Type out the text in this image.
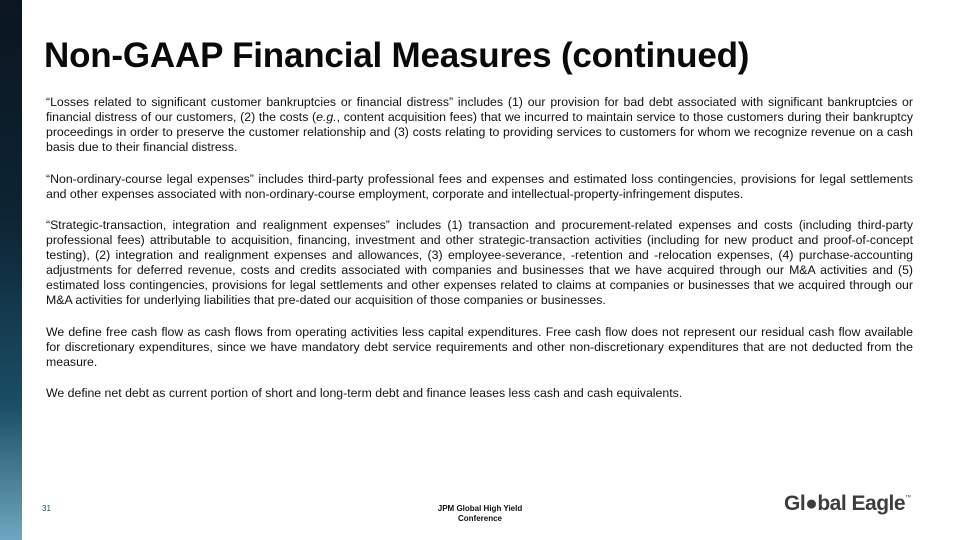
Non-GAAP Financial Measures (continued)

“Losses related to significant customer bankruptcies or financial distress” includes (1) our provision for bad debt associated with significant bankruptcies or financial distress of our customers, (2) the costs (e.g., content acquisition fees) that we incurred to maintain service to those customers during their bankruptcy proceedings in order to preserve the customer relationship and (3) costs relating to providing services to customers for whom we recognize revenue on a cash basis due to their financial distress.

“Non-ordinary-course legal expenses” includes third-party professional fees and expenses and estimated loss contingencies, provisions for legal settlements and other expenses associated with non-ordinary-course employment, corporate and intellectual-property-infringement disputes.

“Strategic-transaction, integration and realignment expenses” includes (1) transaction and procurement-related expenses and costs (including third-party professional fees) attributable to acquisition, financing, investment and other strategic-transaction activities (including for new product and proof-of-concept testing), (2) integration and realignment expenses and allowances, (3) employee-severance, -retention and -relocation expenses, (4) purchase-accounting adjustments for deferred revenue, costs and credits associated with companies and businesses that we have acquired through our M&A activities and (5) estimated loss contingencies, provisions for legal settlements and other expenses related to claims at companies or businesses that we acquired through our M&A activities for underlying liabilities that pre-dated our acquisition of those companies or businesses.

We define free cash flow as cash flows from operating activities less capital expenditures. Free cash flow does not represent our residual cash flow available for discretionary expenditures, since we have mandatory debt service requirements and other non-discretionary expenditures that are not deducted from the measure.

We define net debt as current portion of short and long-term debt and finance leases less cash and cash equivalents.

31	JPM Global High Yield
Conference
Gl●bal Eagle™
